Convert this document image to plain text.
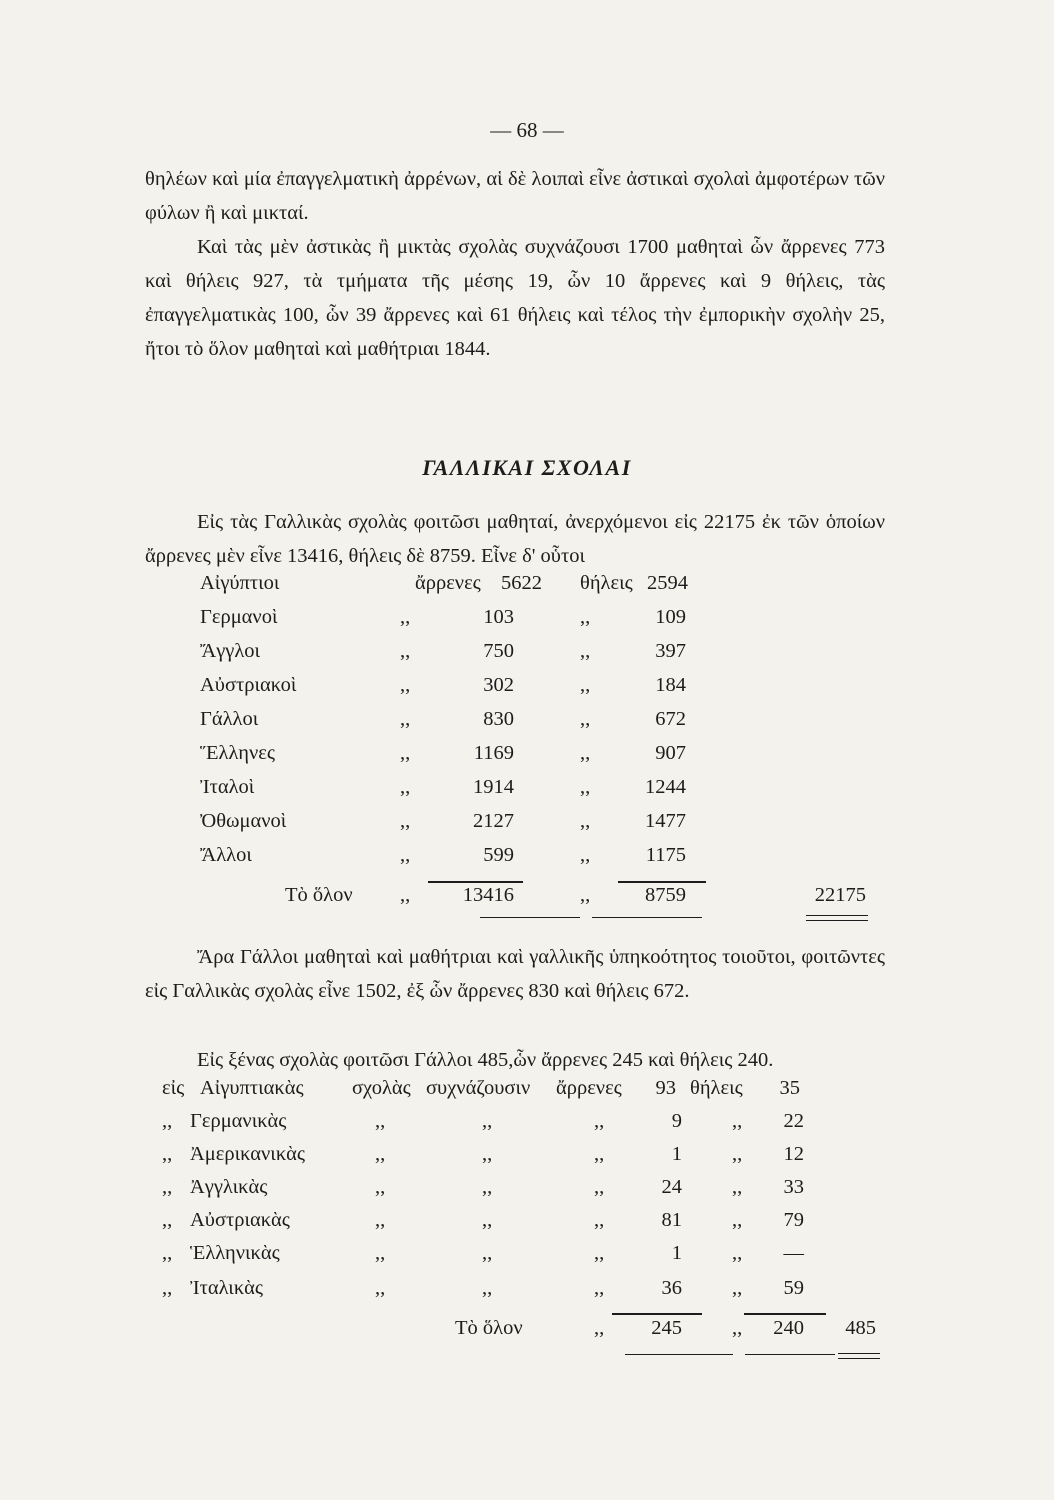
— 68 —
θηλέων καὶ μία ἐπαγγελματικὴ ἀρρένων, αἱ δὲ λοιπαὶ εἶνε ἀστικαὶ σχολαὶ ἀμφοτέρων τῶν φύλων ἢ καὶ μικταί.
Καὶ τὰς μὲν ἀστικὰς ἢ μικτὰς σχολὰς συχνάζουσι 1700 μαθηταὶ ὧν ἄρρενες 773 καὶ θήλεις 927, τὰ τμήματα τῆς μέσης 19, ὧν 10 ἄρρενες καὶ 9 θήλεις, τὰς ἐπαγγελματικὰς 100, ὧν 39 ἄρρενες καὶ 61 θήλεις καὶ τέλος τὴν ἐμπορικὴν σχολὴν 25, ἤτοι τὸ ὅλον μαθηταὶ καὶ μαθήτριαι 1844.
ΓΑΛΛΙΚΑΙ ΣΧΟΛΑΙ
Εἰς τὰς Γαλλικὰς σχολὰς φοιτῶσι μαθηταί, ἀνερχόμενοι εἰς 22175 ἐκ τῶν ὁποίων ἄρρενες μὲν εἶνε 13416, θήλεις δὲ 8759. Εἶνε δ' οὗτοι
Αἰγύπτιοι	ἄρρενες 5622 θήλεις 2594
Γερμανοὶ	,,	103	,,	109
Ἄγγλοι	,,	750	,,	397
Αὐστριακοὶ	,,	302	,,	184
Γάλλοι	,,	830	,,	672
Ἕλληνες	,,	1169	,,	907
Ἰταλοὶ	,,	1914	,,	1244
Ὀθωμανοὶ	,,	2127	,,	1477
Ἄλλοι	,,	599	,,	1175
Τὸ ὅλον ,,	13416	,,	8759	22175
Ἄρα Γάλλοι μαθηταὶ καὶ μαθήτριαι καὶ γαλλικῆς ὑπηκοότητος τοιοῦτοι, φοιτῶντες εἰς Γαλλικὰς σχολὰς εἶνε 1502, ἐξ ὧν ἄρρενες 830 καὶ θήλεις 672.
Εἰς ξένας σχολὰς φοιτῶσι Γάλλοι 485,ὧν ἄρρενες 245 καὶ θήλεις 240.
εἰς Αἰγυπτιακὰς σχολὰς συχνάζουσιν ἄρρενες	93 θήλεις	35
,, Γερμανικὰς	,,	,,	,,	9 ,,	22
,, Ἀμερικανικὰς	,,	,,	,,	1 ,,	12
,, Ἀγγλικὰς	,,	,,	,,	24 ,,	33
,, Αὐστριακὰς	,,	,,	,,	81 ,,	79
,, Ἑλληνικὰς	,,	,,	,,	1 ,,	—
,, Ἰταλικὰς	,,	,,	,,	36 ,,	59
Τὸ ὅλον	,,	245 ,,	240	485
